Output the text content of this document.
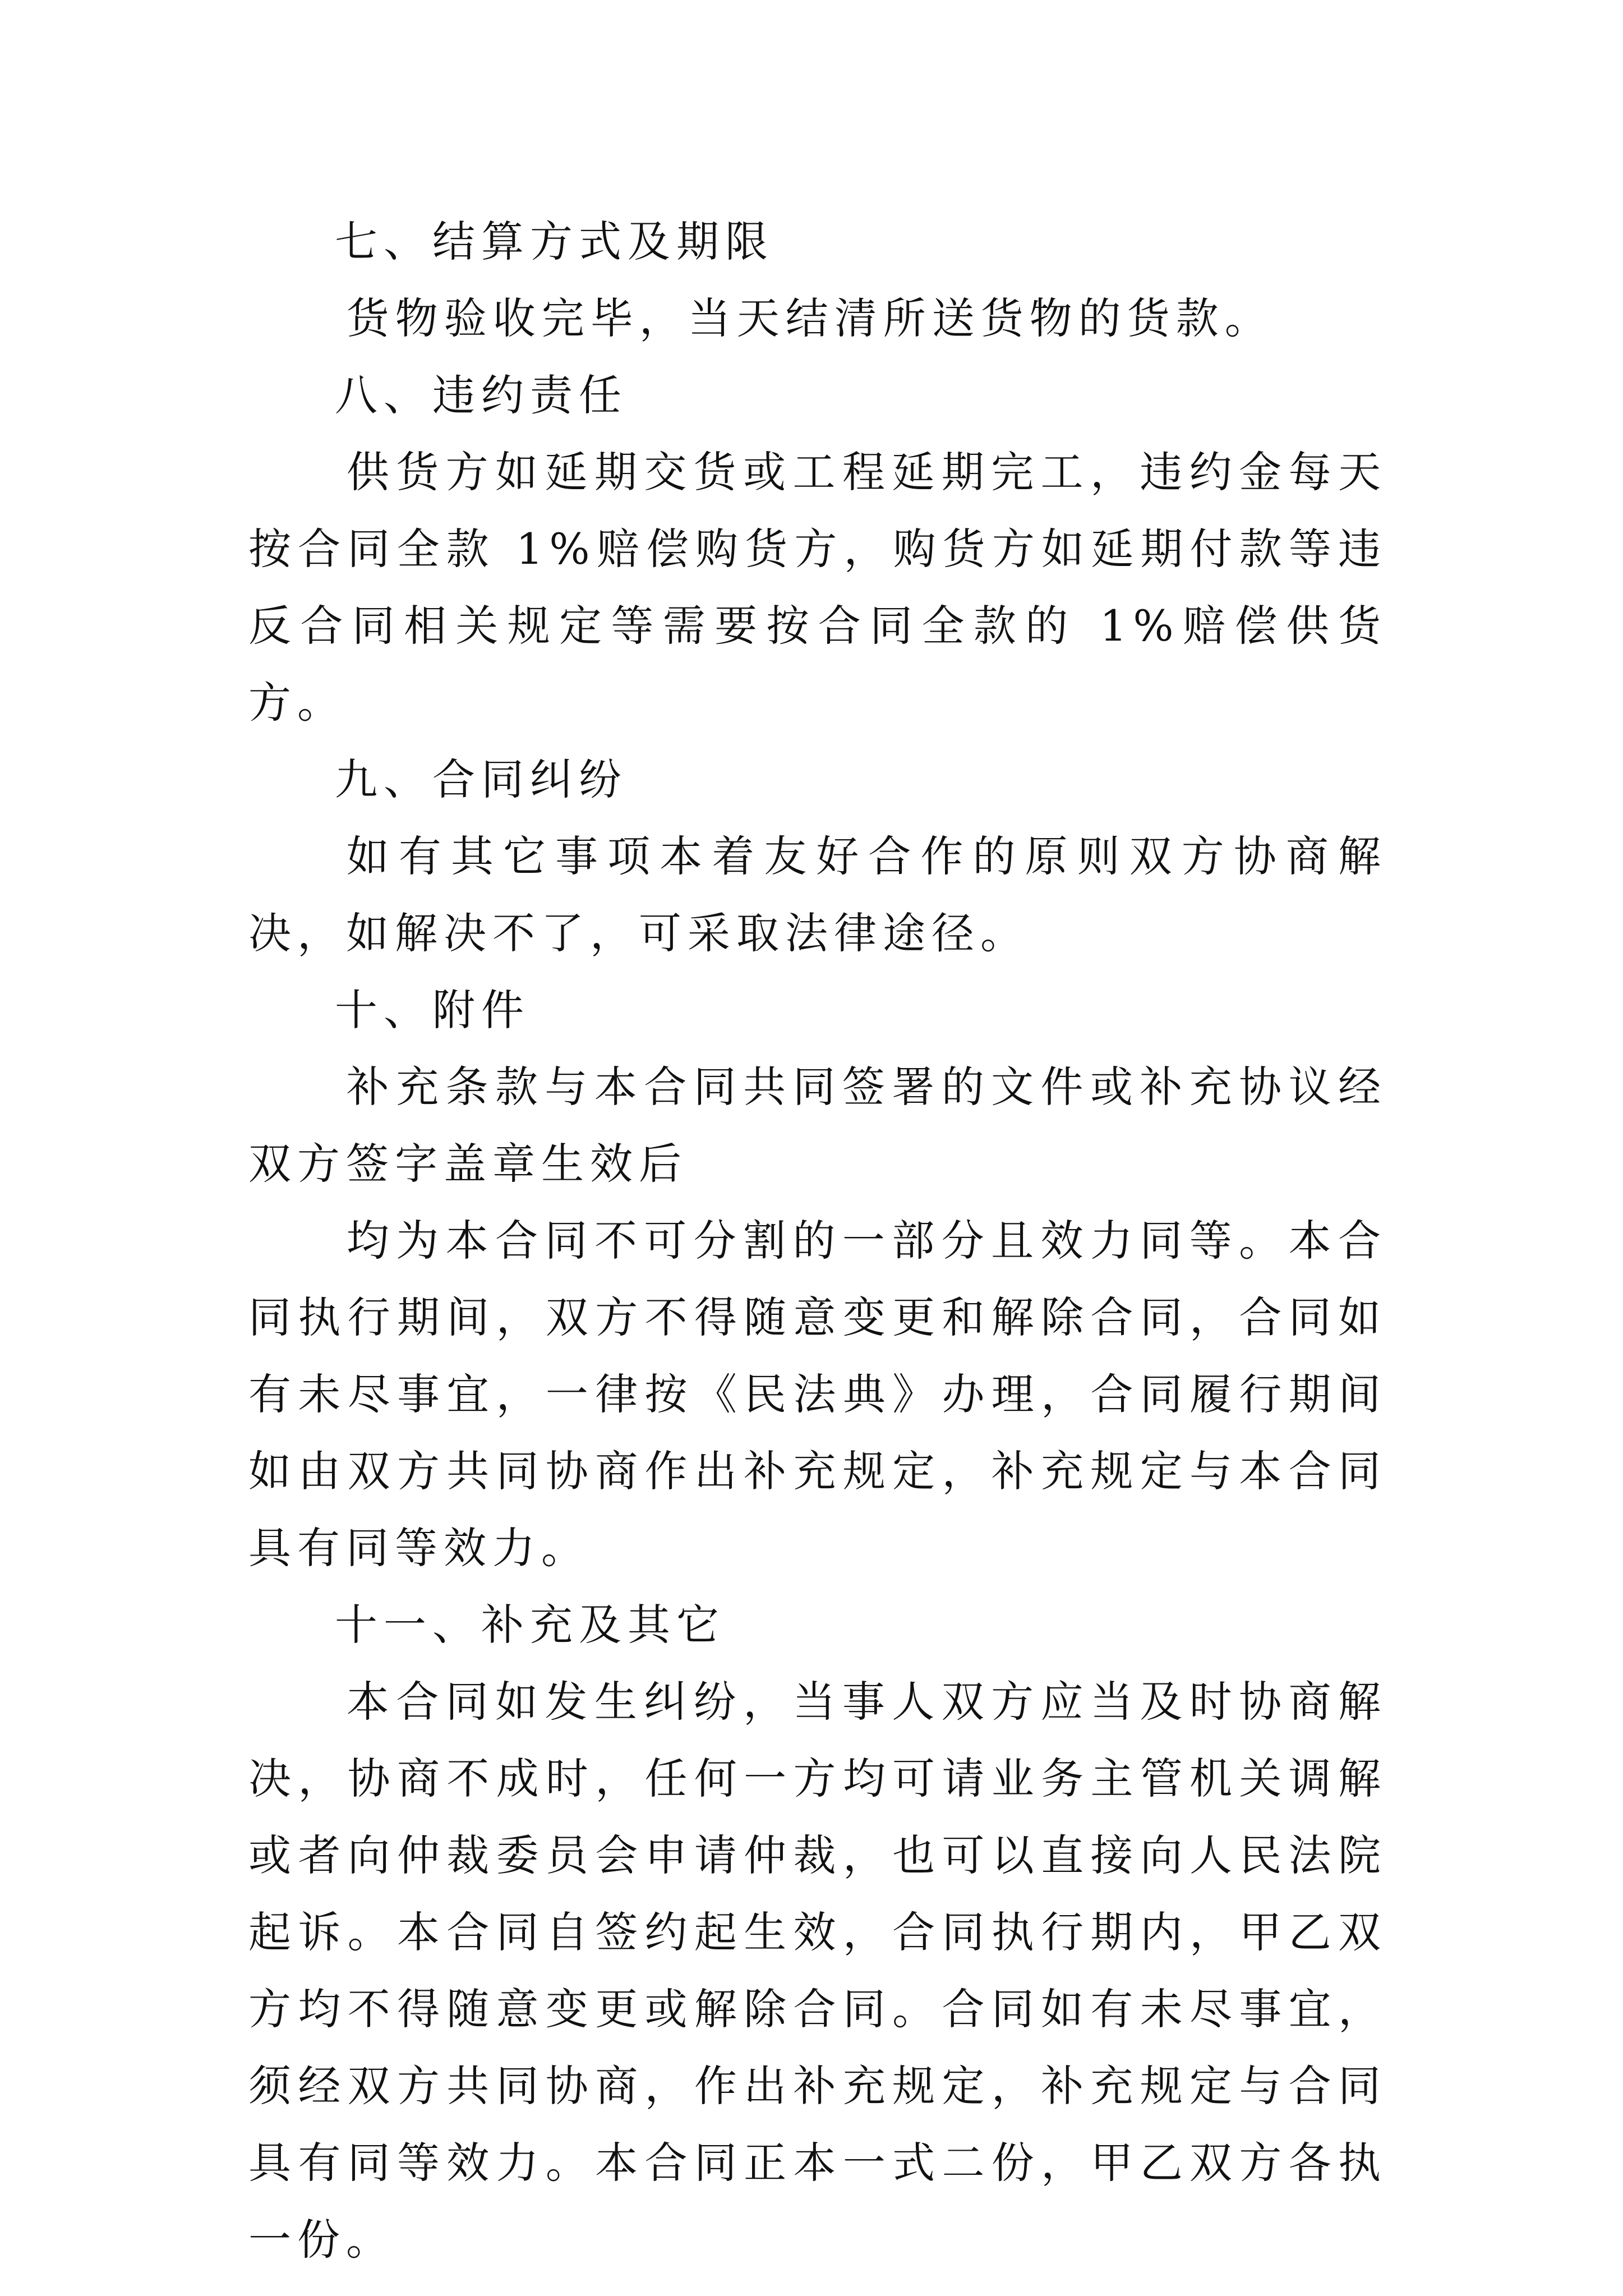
七、结算方式及期限

货物验收完毕，当天结清所送货物的货款。

八、违约责任

供货方如延期交货或工程延期完工，违约金每天按合同全款 1%赔偿购货方，购货方如延期付款等违反合同相关规定等需要按合同全款的 1%赔偿供货方。

九、合同纠纷

如有其它事项本着友好合作的原则双方协商解决，如解决不了，可采取法律途径。

十、附件

补充条款与本合同共同签署的文件或补充协议经双方签字盖章生效后

均为本合同不可分割的一部分且效力同等。本合同执行期间，双方不得随意变更和解除合同，合同如有未尽事宜，一律按《民法典》办理，合同履行期间如由双方共同协商作出补充规定，补充规定与本合同具有同等效力。

十一、补充及其它

本合同如发生纠纷，当事人双方应当及时协商解决，协商不成时，任何一方均可请业务主管机关调解或者向仲裁委员会申请仲裁，也可以直接向人民法院起诉。本合同自签约起生效，合同执行期内，甲乙双方均不得随意变更或解除合同。合同如有未尽事宜，须经双方共同协商，作出补充规定，补充规定与合同具有同等效力。本合同正本一式二份，甲乙双方各执一份。
